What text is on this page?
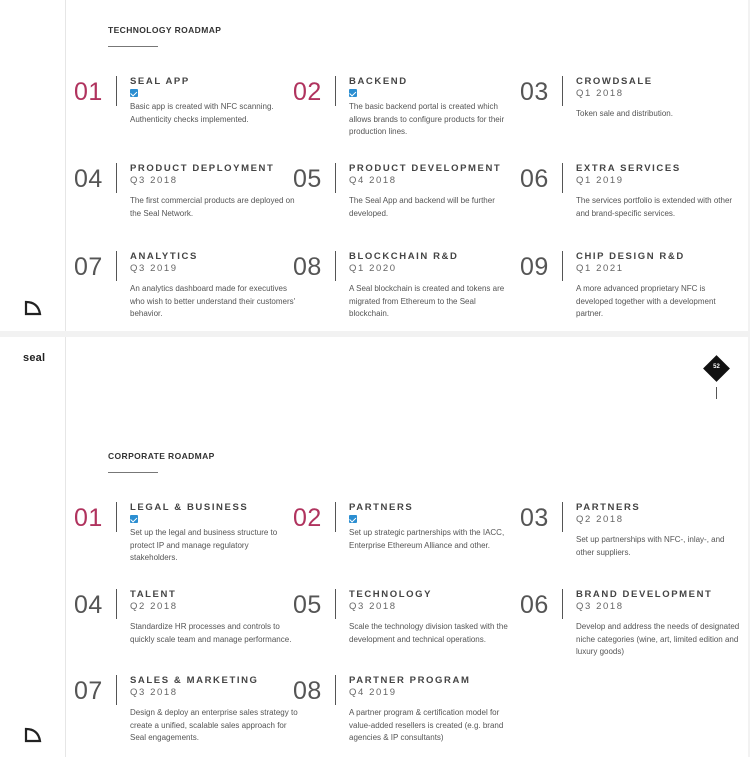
TECHNOLOGY ROADMAP
01	SEAL APP
Basic app is created with NFC scanning. Authenticity checks implemented.
02	BACKEND
The basic backend portal is created which allows brands to configure products for their production lines.
03	CROWDSALE
Q1 2018
Token sale and distribution.
04	PRODUCT DEPLOYMENT
Q3 2018
The first commercial products are deployed on the Seal Network.
05	PRODUCT DEVELOPMENT
Q4 2018
The Seal App and backend will be further developed.
06	EXTRA SERVICES
Q1 2019
The services portfolio is extended with other and brand-specific services.
07	ANALYTICS
Q3 2019
An analytics dashboard made for executives who wish to better understand their customers' behavior.
08	BLOCKCHAIN R&D
Q1 2020
A Seal blockchain is created and tokens are migrated from Ethereum to the Seal blockchain.
09	CHIP DESIGN R&D
Q1 2021
A more advanced proprietary NFC is developed together with a development partner.
seal
52
CORPORATE ROADMAP
01	LEGAL & BUSINESS
Set up the legal and business structure to protect IP and manage regulatory stakeholders.
02	PARTNERS
Set up strategic partnerships with the IACC, Enterprise Ethereum Alliance and other.
03	PARTNERS
Q2 2018
Set up partnerships with NFC-, inlay-, and other suppliers.
04	TALENT
Q2 2018
Standardize HR processes and controls to quickly scale team and manage performance.
05	TECHNOLOGY
Q3 2018
Scale the technology division tasked with the development and technical operations.
06	BRAND DEVELOPMENT
Q3 2018
Develop and address the needs of designated niche categories (wine, art, limited edition and luxury goods)
07	SALES & MARKETING
Q3 2018
Design & deploy an enterprise sales strategy to create a unified, scalable sales approach for Seal engagements.
08	PARTNER PROGRAM
Q4 2019
A partner program & certification model for value-added resellers is created (e.g. brand agencies & IP consultants)
